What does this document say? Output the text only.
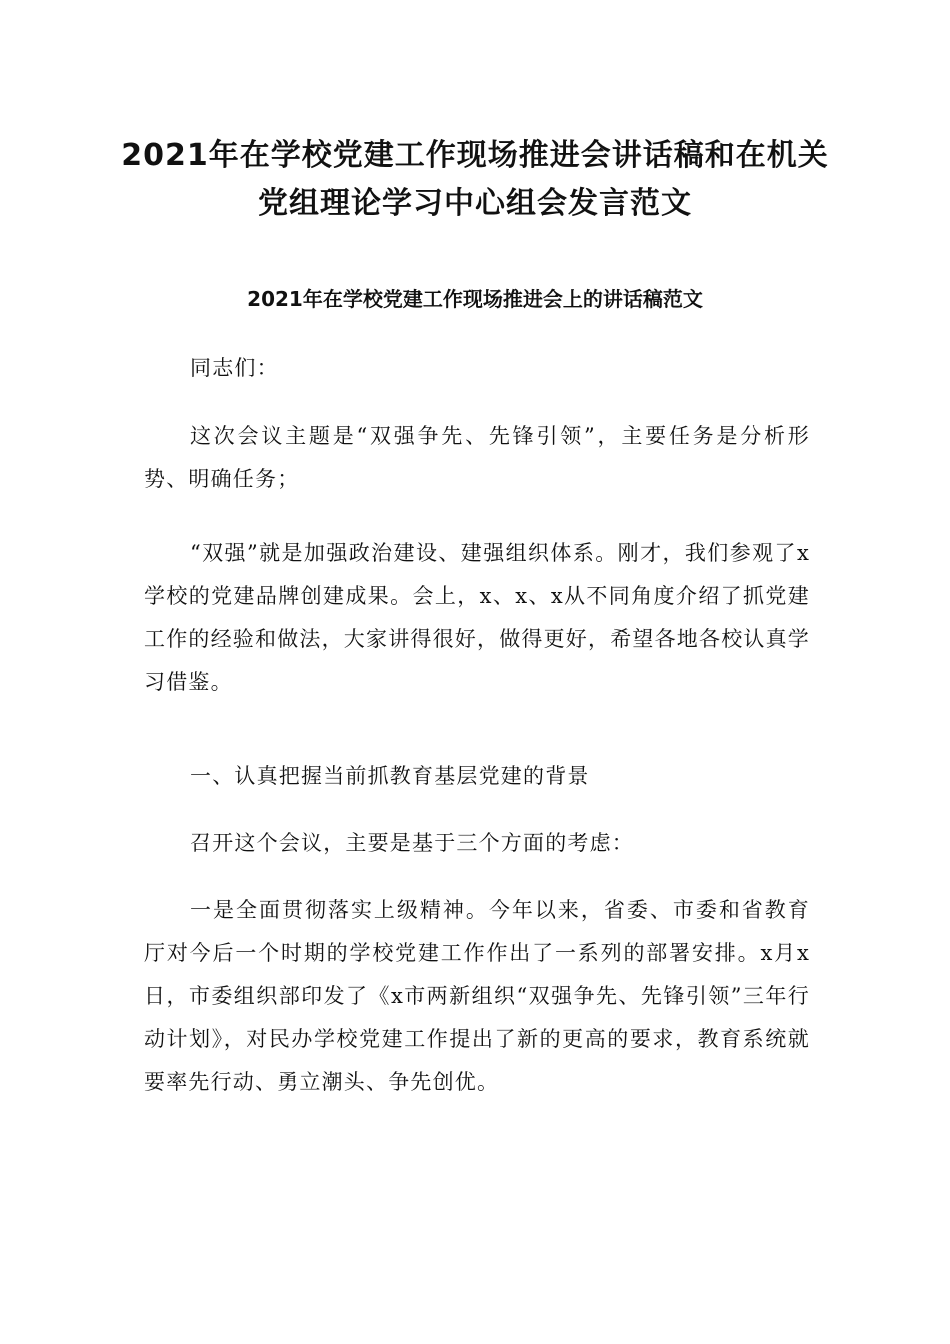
2021年在学校党建工作现场推进会讲话稿和在机关
党组理论学习中心组会发言范文
2021年在学校党建工作现场推进会上的讲话稿范文

同志们：

这次会议主题是“双强争先、先锋引领”，主要任务是分析形势、明确任务；

“双强”就是加强政治建设、建强组织体系。刚才，我们参观了x学校的党建品牌创建成果。会上，x、x、x从不同角度介绍了抓党建工作的经验和做法，大家讲得很好，做得更好，希望各地各校认真学习借鉴。

一、认真把握当前抓教育基层党建的背景

召开这个会议，主要是基于三个方面的考虑：

一是全面贯彻落实上级精神。今年以来，省委、市委和省教育厅对今后一个时期的学校党建工作作出了一系列的部署安排。x月x日，市委组织部印发了《x市两新组织“双强争先、先锋引领”三年行动计划》，对民办学校党建工作提出了新的更高的要求，教育系统就要率先行动、勇立潮头、争先创优。
